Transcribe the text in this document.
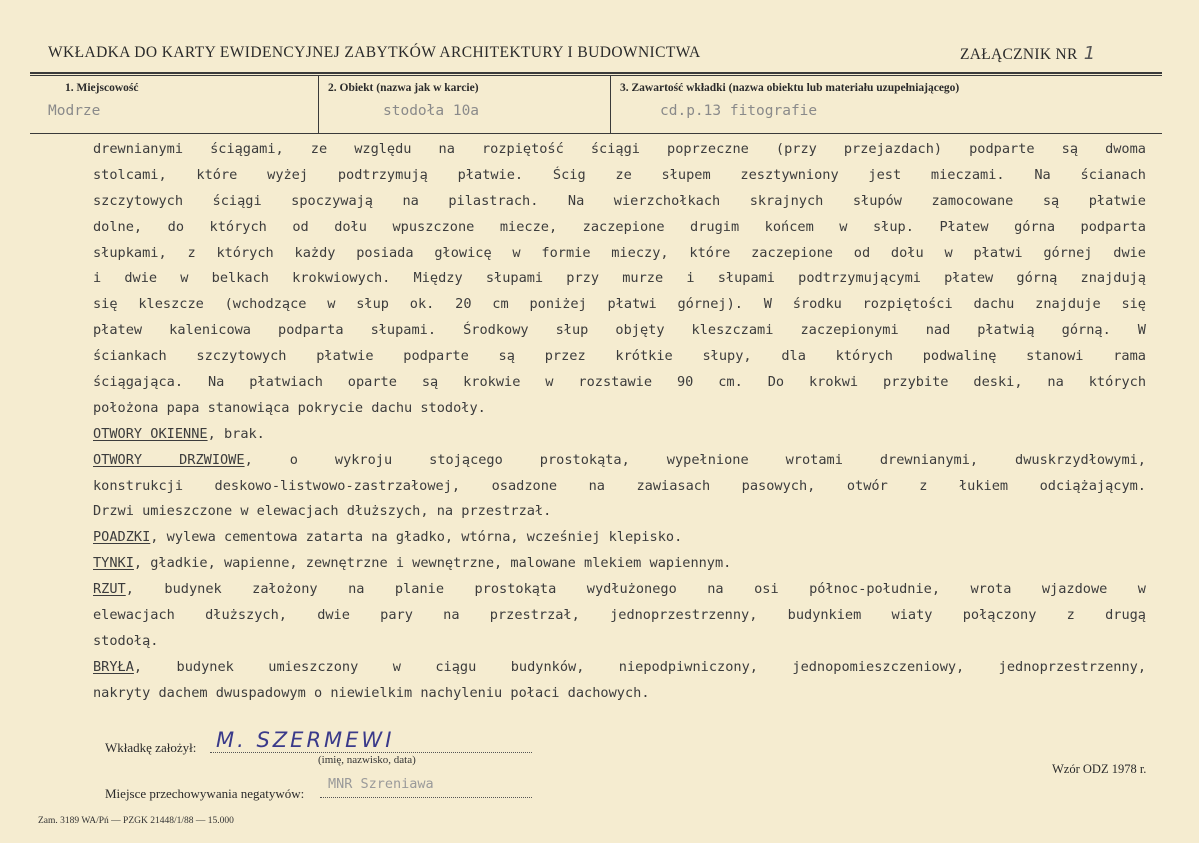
WKŁADKA DO KARTY EWIDENCYJNEJ ZABYTKÓW ARCHITEKTURY I BUDOWNICTWA	ZAŁĄCZNIK NR 1
1. Miejscowość
Modrze
2. Obiekt (nazwa jak w karcie)
stodoła 10a
3. Zawartość wkładki (nazwa obiektu lub materiału uzupełniającego)
cd.p.13 fitografie
drewnianymi ściągami, ze względu na rozpiętość ściągi poprzeczne (przy przejazdach) podparte są dwoma
stolcami, które wyżej podtrzymują płatwie. Ścig ze słupem zesztywniony jest mieczami. Na ścianach
szczytowych ściągi spoczywają na pilastrach. Na wierzchołkach skrajnych słupów zamocowane są płatwie
dolne, do których od dołu wpuszczone miecze, zaczepione drugim końcem w słup. Płatew górna podparta
słupkami, z których każdy posiada głowicę w formie mieczy, które zaczepione od dołu w płatwi górnej dwie
i dwie w belkach krokwiowych. Między słupami przy murze i słupami podtrzymującymi płatew górną znajdują
się kleszcze (wchodzące w słup ok. 20 cm poniżej płatwi górnej). W środku rozpiętości dachu znajduje się
płatew kalenicowa podparta słupami. Środkowy słup objęty kleszczami zaczepionymi nad płatwią górną. W
ściankach szczytowych płatwie podparte są przez krótkie słupy, dla których podwalinę stanowi rama
ściągająca. Na płatwiach oparte są krokwie w rozstawie 90 cm. Do krokwi przybite deski, na których
położona papa stanowiąca pokrycie dachu stodoły.
OTWORY OKIENNE, brak.
OTWORY DRZWIOWE, o wykroju stojącego prostokąta, wypełnione wrotami drewnianymi, dwuskrzydłowymi,
konstrukcji deskowo-listwowo-zastrzałowej, osadzone na zawiasach pasowych, otwór z łukiem odciążającym.
Drzwi umieszczone w elewacjach dłuższych, na przestrzał.
POADZKI, wylewa cementowa zatarta na gładko, wtórna, wcześniej klepisko.
TYNKI, gładkie, wapienne, zewnętrzne i wewnętrzne, malowane mlekiem wapiennym.
RZUT, budynek założony na planie prostokąta wydłużonego na osi północ-południe, wrota wjazdowe w
elewacjach dłuższych, dwie pary na przestrzał, jednoprzestrzenny, budynkiem wiaty połączony z drugą
stodołą.
BRYŁA, budynek umieszczony w ciągu budynków, niepodpiwniczony, jednopomieszczeniowy, jednoprzestrzenny,
nakryty dachem dwuspadowym o niewielkim nachyleniu połaci dachowych.
Wkładkę założył: M. SZERMEWI
(imię, nazwisko, data)
Miejsce przechowywania negatywów:
MNR Szreniawa
Wzór ODZ 1978 r.
Zam. 3189 WA/Pń — PZGK 21448/1/88 — 15.000
